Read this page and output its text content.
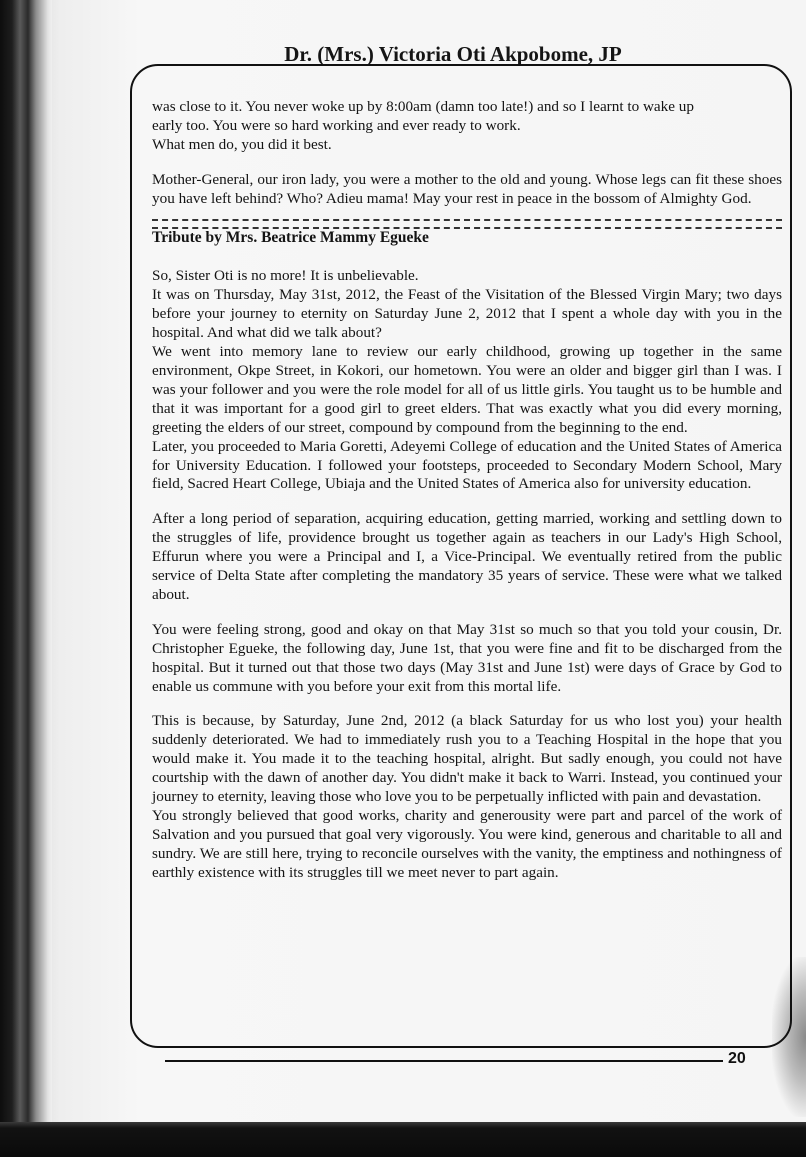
Dr. (Mrs.) Victoria Oti Akpobome, JP

was close to it. You never woke up by 8:00am (damn too late!) and so I learnt to wake up

early too. You were so hard working and ever ready to work.

What men do, you did it best.

Mother-General, our iron lady, you were a mother to the old and young. Whose legs can fit these shoes you have left behind? Who? Adieu mama! May your rest in peace in the bossom of Almighty God.

Tribute by Mrs. Beatrice Mammy Egueke

So, Sister Oti is no more! It is unbelievable.

It was on Thursday, May 31st, 2012, the Feast of the Visitation of the Blessed Virgin Mary; two days before your journey to eternity on Saturday June 2, 2012 that I spent a whole day with you in the hospital. And what did we talk about?

We went into memory lane to review our early childhood, growing up together in the same environment, Okpe Street, in Kokori, our hometown. You were an older and bigger girl than I was. I was your follower and you were the role model for all of us little girls. You taught us to be humble and that it was important for a good girl to greet elders. That was exactly what you did every morning, greeting the elders of our street, compound by compound from the beginning to the end.

Later, you proceeded to Maria Goretti, Adeyemi College of education and the United States of America for University Education. I followed your footsteps, proceeded to Secondary Modern School, Mary field, Sacred Heart College, Ubiaja and the United States of America also for university education.

After a long period of separation, acquiring education, getting married, working and settling down to the struggles of life, providence brought us together again as teachers in our Lady's High School, Effurun where you were a Principal and I, a Vice-Principal. We eventually retired from the public service of Delta State after completing the mandatory 35 years of service. These were what we talked about.

You were feeling strong, good and okay on that May 31st so much so that you told your cousin, Dr. Christopher Egueke, the following day, June 1st, that you were fine and fit to be discharged from the hospital. But it turned out that those two days (May 31st and June 1st) were days of Grace by God to enable us commune with you before your exit from this mortal life.

This is because, by Saturday, June 2nd, 2012 (a black Saturday for us who lost you) your health suddenly deteriorated. We had to immediately rush you to a Teaching Hospital in the hope that you would make it. You made it to the teaching hospital, alright. But sadly enough, you could not have courtship with the dawn of another day. You didn't make it back to Warri. Instead, you continued your journey to eternity, leaving those who love you to be perpetually inflicted with pain and devastation.

You strongly believed that good works, charity and generousity were part and parcel of the work of Salvation and you pursued that goal very vigorously. You were kind, generous and charitable to all and sundry. We are still here, trying to reconcile ourselves with the vanity, the emptiness and nothingness of earthly existence with its struggles till we meet never to part again.

20
